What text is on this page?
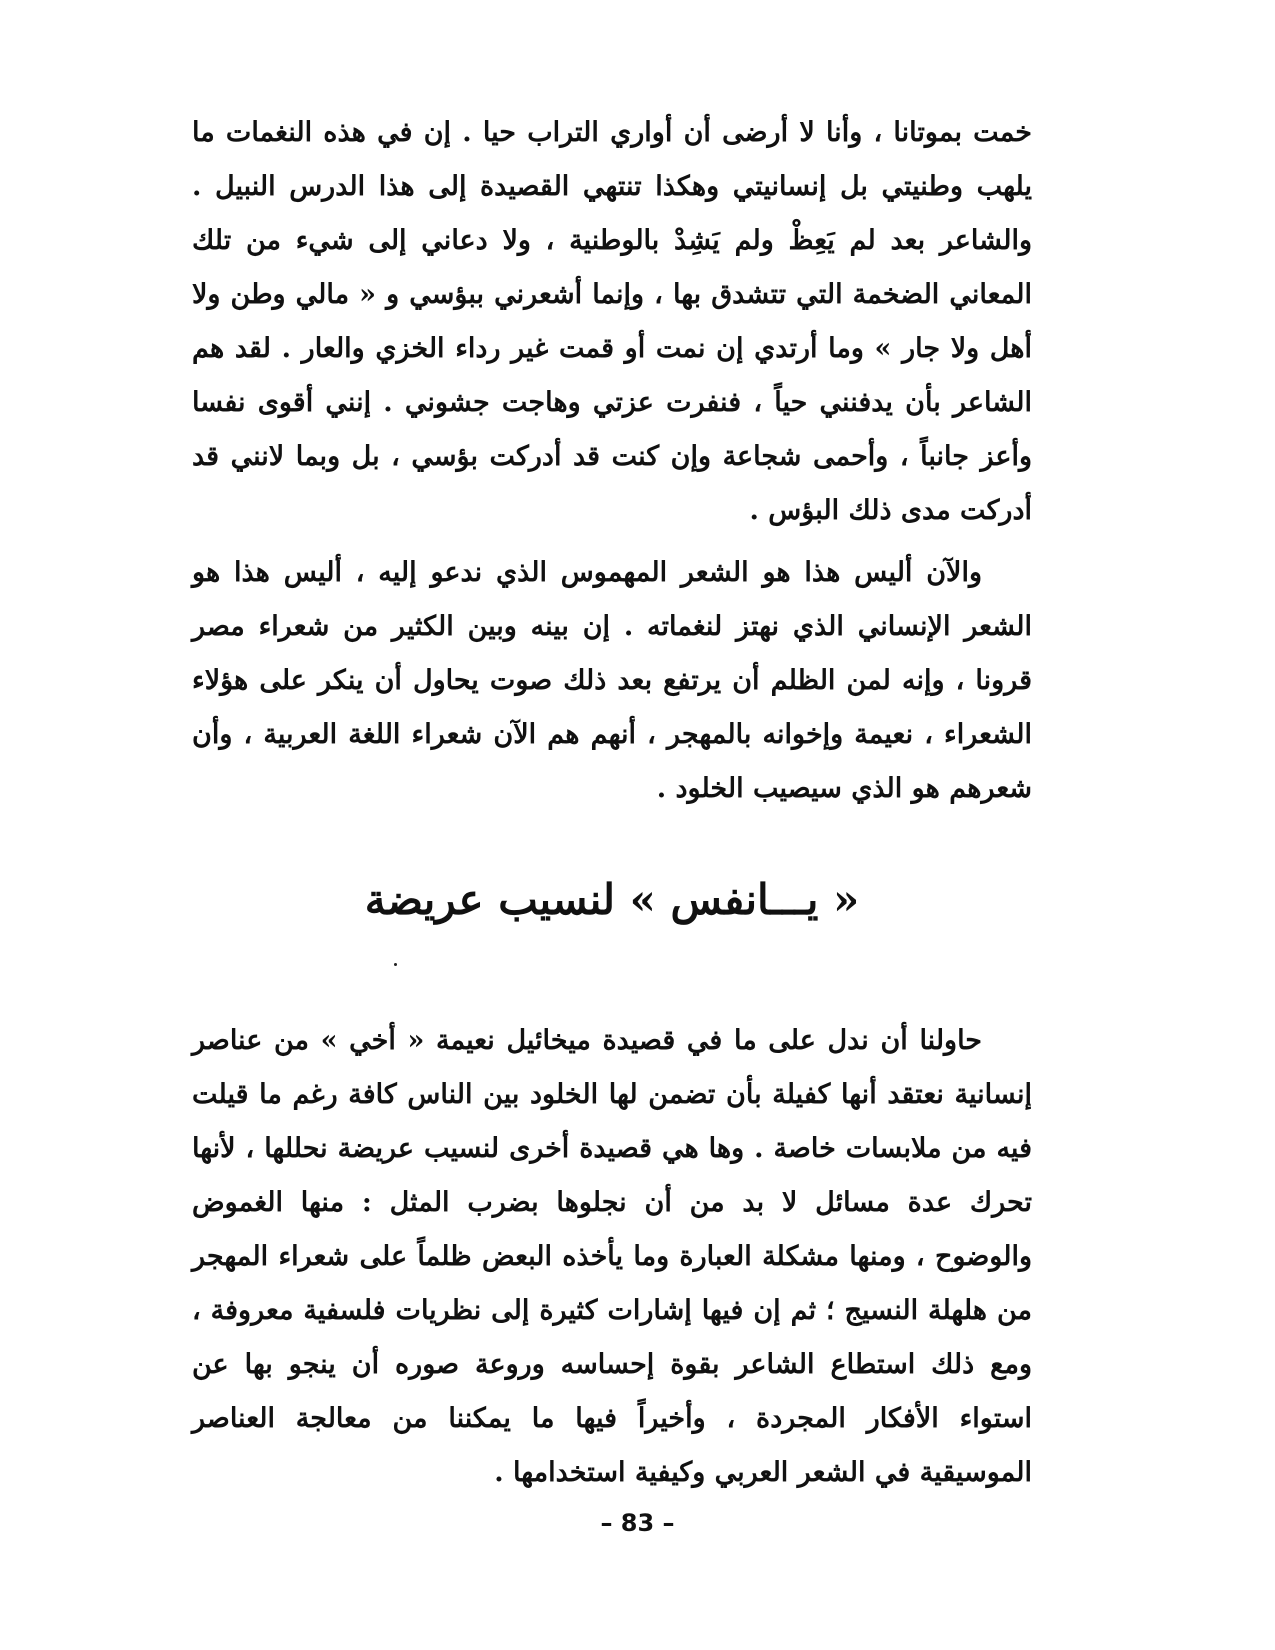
خمت بموتانا ، وأنا لا أرضى أن أواري التراب حيا . إن في هذه النغمات ما يلهب وطنيتي بل إنسانيتي وهكذا تنتهي القصيدة إلى هذا الدرس النبيل . والشاعر بعد لم يَعِظْ ولم يَشِدْ بالوطنية ، ولا دعاني إلى شيء من تلك المعاني الضخمة التي تتشدق بها ، وإنما أشعرني ببؤسي و « مالي وطن ولا أهل ولا جار » وما أرتدي إن نمت أو قمت غير رداء الخزي والعار . لقد هم الشاعر بأن يدفنني حياً ، فنفرت عزتي وهاجت جشوني . إنني أقوى نفسا وأعز جانباً ، وأحمى شجاعة وإن كنت قد أدركت بؤسي ، بل وبما لانني قد أدركت مدى ذلك البؤس .

والآن أليس هذا هو الشعر المهموس الذي ندعو إليه ، أليس هذا هو الشعر الإنساني الذي نهتز لنغماته . إن بينه وبين الكثير من شعراء مصر قرونا ، وإنه لمن الظلم أن يرتفع بعد ذلك صوت يحاول أن ينكر على هؤلاء الشعراء ، نعيمة وإخوانه بالمهجر ، أنهم هم الآن شعراء اللغة العربية ، وأن شعرهم هو الذي سيصيب الخلود .

« يـــانفس » لنسيب عريضة

حاولنا أن ندل على ما في قصيدة ميخائيل نعيمة « أخي » من عناصر إنسانية نعتقد أنها كفيلة بأن تضمن لها الخلود بين الناس كافة رغم ما قيلت فيه من ملابسات خاصة . وها هي قصيدة أخرى لنسيب عريضة نحللها ، لأنها تحرك عدة مسائل لا بد من أن نجلوها بضرب المثل : منها الغموض والوضوح ، ومنها مشكلة العبارة وما يأخذه البعض ظلماً على شعراء المهجر من هلهلة النسيج ؛ ثم إن فيها إشارات كثيرة إلى نظريات فلسفية معروفة ، ومع ذلك استطاع الشاعر بقوة إحساسه وروعة صوره أن ينجو بها عن استواء الأفكار المجردة ، وأخيراً فيها ما يمكننا من معالجة العناصر الموسيقية في الشعر العربي وكيفية استخدامها .

– 83 –
